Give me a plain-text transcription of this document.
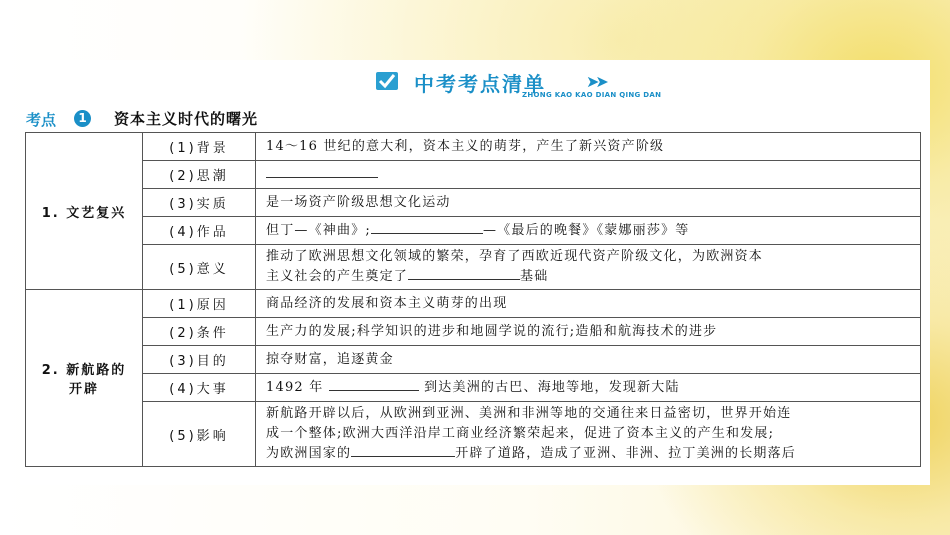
中考考点清单	➤➤
ZHONG KAO KAO DIAN QING DAN
考点	1 资本主义时代的曙光
1. 文艺复兴	(1)背景	14～16 世纪的意大利，资本主义的萌芽，产生了新兴资产阶级
	(2)思潮	
	(3)实质	是一场资产阶级思想文化运动
	(4)作品	但丁—《神曲》; —《最后的晚餐》《蒙娜丽莎》等
	(5)意义	推动了欧洲思想文化领域的繁荣，孕育了西欧近现代资产阶级文化，为欧洲资本
主义社会的产生奠定了 基础
2. 新航路的
开辟	(1)原因	商品经济的发展和资本主义萌芽的出现
	(2)条件	生产力的发展;科学知识的进步和地圆学说的流行;造船和航海技术的进步
	(3)目的	掠夺财富，追逐黄金
	(4)大事	1492 年 到达美洲的古巴、海地等地，发现新大陆
	(5)影响	新航路开辟以后，从欧洲到亚洲、美洲和非洲等地的交通往来日益密切，世界开始连
成一个整体;欧洲大西洋沿岸工商业经济繁荣起来，促进了资本主义的产生和发展;
为欧洲国家的 开辟了道路，造成了亚洲、非洲、拉丁美洲的长期落后
